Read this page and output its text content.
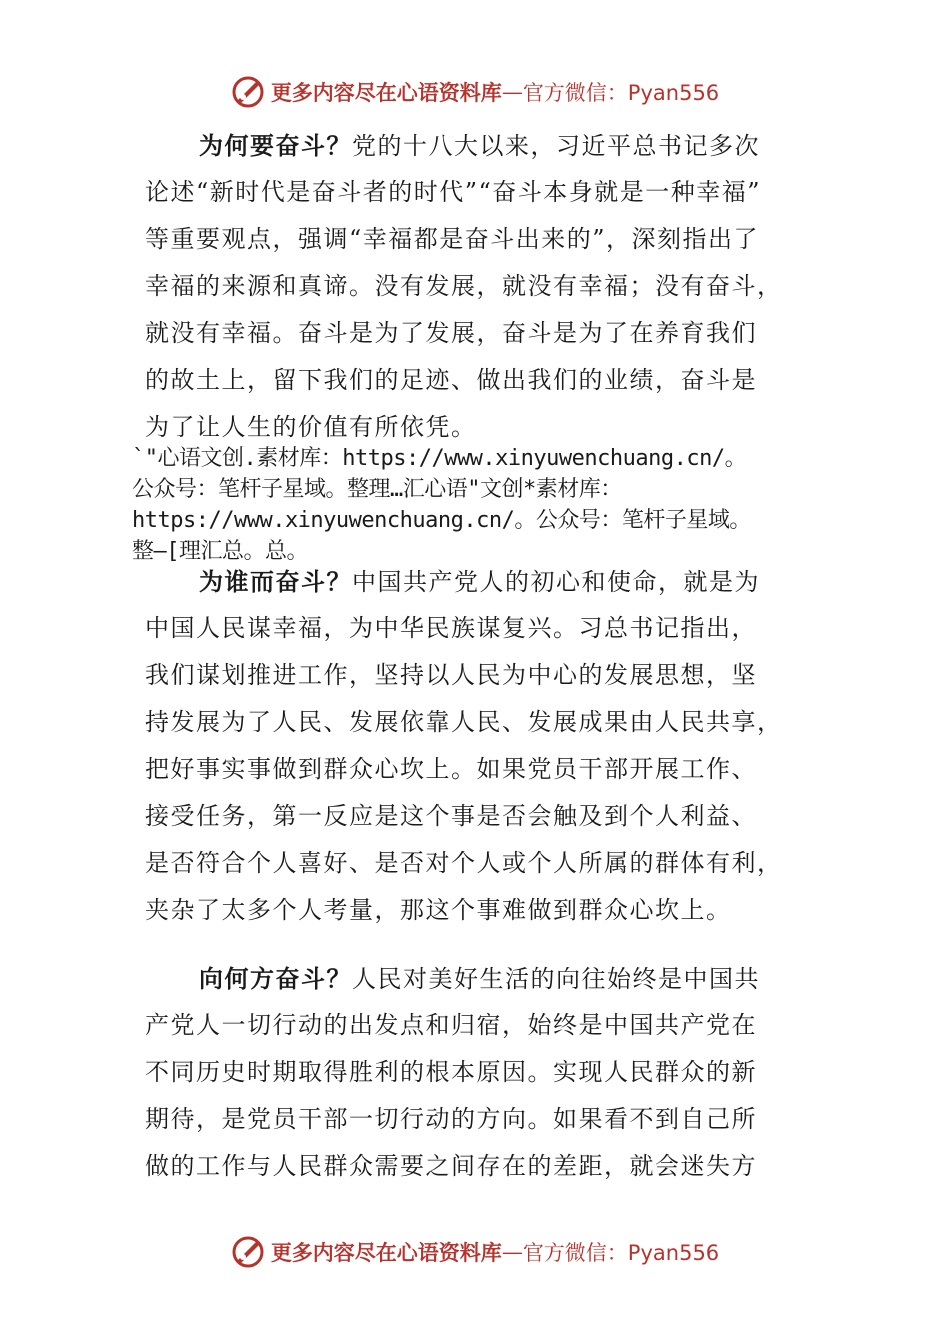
更多内容尽在心语资料库 — 官方微信：Pyan556
为何要奋斗？党的十八大以来，习近平总书记多次
论述“新时代是奋斗者的时代”“奋斗本身就是一种幸福”
等重要观点，强调“幸福都是奋斗出来的”，深刻指出了
幸福的来源和真谛。没有发展，就没有幸福；没有奋斗，
就没有幸福。奋斗是为了发展，奋斗是为了在养育我们
的故土上，留下我们的足迹、做出我们的业绩，奋斗是
为了让人生的价值有所依凭。
`"心语文创.素材库：https://www.xinyuwenchuang.cn/。
公众号：笔杆子星域。整理…汇心语"文创*素材库：
https://www.xinyuwenchuang.cn/。公众号：笔杆子星域。
整—[理汇总。总。
为谁而奋斗？中国共产党人的初心和使命，就是为
中国人民谋幸福，为中华民族谋复兴。习总书记指出，
我们谋划推进工作，坚持以人民为中心的发展思想，坚
持发展为了人民、发展依靠人民、发展成果由人民共享，
把好事实事做到群众心坎上。如果党员干部开展工作、
接受任务，第一反应是这个事是否会触及到个人利益、
是否符合个人喜好、是否对个人或个人所属的群体有利，
夹杂了太多个人考量，那这个事难做到群众心坎上。
向何方奋斗？人民对美好生活的向往始终是中国共
产党人一切行动的出发点和归宿，始终是中国共产党在
不同历史时期取得胜利的根本原因。实现人民群众的新
期待，是党员干部一切行动的方向。如果看不到自己所
做的工作与人民群众需要之间存在的差距，就会迷失方
更多内容尽在心语资料库 — 官方微信：Pyan556
